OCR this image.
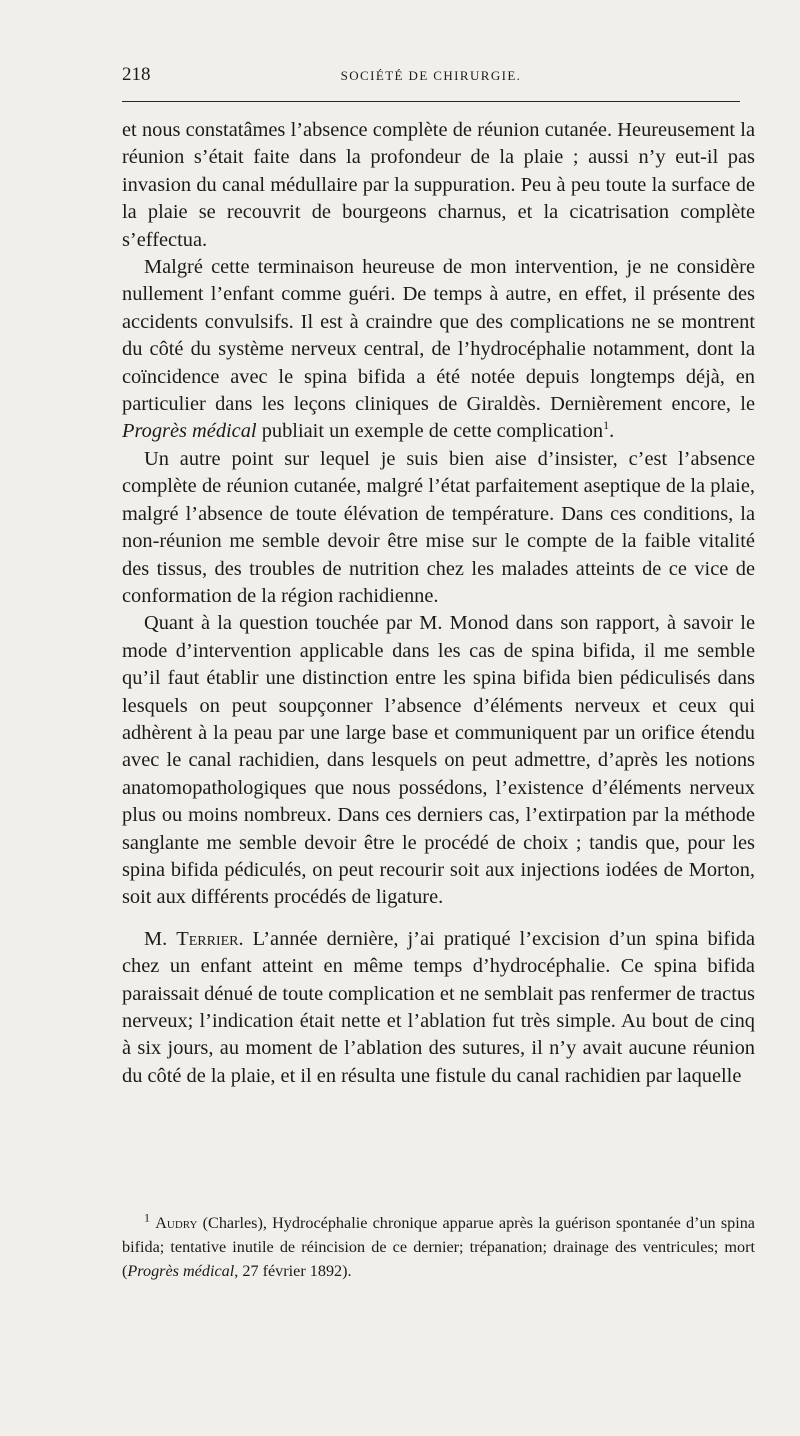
218	SOCIÉTÉ DE CHIRURGIE.

et nous constatâmes l’absence complète de réunion cutanée. Heureusement la réunion s’était faite dans la profondeur de la plaie ; aussi n’y eut-il pas invasion du canal médullaire par la suppuration. Peu à peu toute la surface de la plaie se recouvrit de bourgeons charnus, et la cicatrisation complète s’effectua.

Malgré cette terminaison heureuse de mon intervention, je ne considère nullement l’enfant comme guéri. De temps à autre, en effet, il présente des accidents convulsifs. Il est à craindre que des complications ne se montrent du côté du système nerveux central, de l’hydrocéphalie notamment, dont la coïncidence avec le spina bifida a été notée depuis longtemps déjà, en particulier dans les leçons cliniques de Giraldès. Dernièrement encore, le Progrès médical publiait un exemple de cette complication$^1$.

Un autre point sur lequel je suis bien aise d’insister, c’est l’absence complète de réunion cutanée, malgré l’état parfaitement aseptique de la plaie, malgré l’absence de toute élévation de température. Dans ces conditions, la non-réunion me semble devoir être mise sur le compte de la faible vitalité des tissus, des troubles de nutrition chez les malades atteints de ce vice de conformation de la région rachidienne.

Quant à la question touchée par M. Monod dans son rapport, à savoir le mode d’intervention applicable dans les cas de spina bifida, il me semble qu’il faut établir une distinction entre les spina bifida bien pédiculisés dans lesquels on peut soupçonner l’absence d’éléments nerveux et ceux qui adhèrent à la peau par une large base et communiquent par un orifice étendu avec le canal rachidien, dans lesquels on peut admettre, d’après les notions anatomopathologiques que nous possédons, l’existence d’éléments nerveux plus ou moins nombreux. Dans ces derniers cas, l’extirpation par la méthode sanglante me semble devoir être le procédé de choix ; tandis que, pour les spina bifida pédiculés, on peut recourir soit aux injections iodées de Morton, soit aux différents procédés de ligature.

M. Terrier. L’année dernière, j’ai pratiqué l’excision d’un spina bifida chez un enfant atteint en même temps d’hydrocéphalie. Ce spina bifida paraissait dénué de toute complication et ne semblait pas renfermer de tractus nerveux; l’indication était nette et l’ablation fut très simple. Au bout de cinq à six jours, au moment de l’ablation des sutures, il n’y avait aucune réunion du côté de la plaie, et il en résulta une fistule du canal rachidien par laquelle

$^1$ Audry (Charles), Hydrocéphalie chronique apparue après la guérison spontanée d’un spina bifida; tentative inutile de réincision de ce dernier; trépanation; drainage des ventricules; mort (Progrès médical, 27 février 1892).
